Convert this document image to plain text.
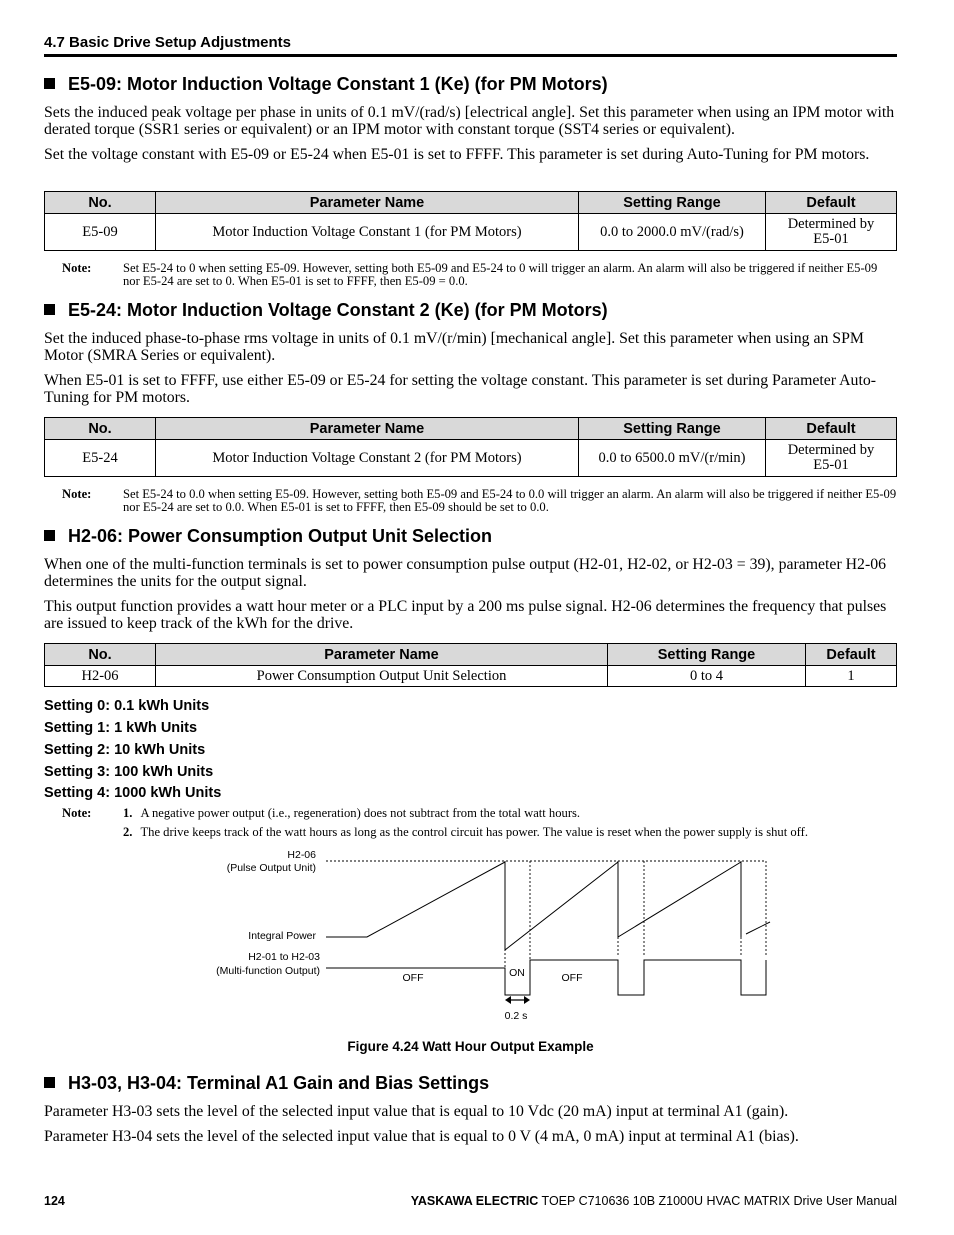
4.7 Basic Drive Setup Adjustments
E5-09: Motor Induction Voltage Constant 1 (Ke) (for PM Motors)
Sets the induced peak voltage per phase in units of 0.1 mV/(rad/s) [electrical angle]. Set this parameter when using an IPM motor with derated torque (SSR1 series or equivalent) or an IPM motor with constant torque (SST4 series or equivalent).
Set the voltage constant with E5-09 or E5-24 when E5-01 is set to FFFF. This parameter is set during Auto-Tuning for PM motors.
No.	Parameter Name	Setting Range	Default
E5-09	Motor Induction Voltage Constant 1 (for PM Motors)	0.0 to 2000.0 mV/(rad/s)	Determined by
E5-01
Note:	Set E5-24 to 0 when setting E5-09. However, setting both E5-09 and E5-24 to 0 will trigger an alarm. An alarm will also be triggered if neither E5-09 nor E5-24 are set to 0. When E5-01 is set to FFFF, then E5-09 = 0.0.
E5-24: Motor Induction Voltage Constant 2 (Ke) (for PM Motors)
Set the induced phase-to-phase rms voltage in units of 0.1 mV/(r/min) [mechanical angle]. Set this parameter when using an SPM Motor (SMRA Series or equivalent).
When E5-01 is set to FFFF, use either E5-09 or E5-24 for setting the voltage constant. This parameter is set during Parameter Auto-Tuning for PM motors.
No.	Parameter Name	Setting Range	Default
E5-24	Motor Induction Voltage Constant 2 (for PM Motors)	0.0 to 6500.0 mV/(r/min)	Determined by
E5-01
Note:	Set E5-24 to 0.0 when setting E5-09. However, setting both E5-09 and E5-24 to 0.0 will trigger an alarm. An alarm will also be triggered if neither E5-09 nor E5-24 are set to 0.0. When E5-01 is set to FFFF, then E5-09 should be set to 0.0.
H2-06: Power Consumption Output Unit Selection
When one of the multi-function terminals is set to power consumption pulse output (H2-01, H2-02, or H2-03 = 39), parameter H2-06 determines the units for the output signal.
This output function provides a watt hour meter or a PLC input by a 200 ms pulse signal. H2-06 determines the frequency that pulses are issued to keep track of the kWh for the drive.
No.	Parameter Name	Setting Range	Default
H2-06	Power Consumption Output Unit Selection	0 to 4	1
Setting 0: 0.1 kWh Units
Setting 1: 1 kWh Units
Setting 2: 10 kWh Units
Setting 3: 100 kWh Units
Setting 4: 1000 kWh Units
Note:	1. A negative power output (i.e., regeneration) does not subtract from the total watt hours.
2. The drive keeps track of the watt hours as long as the control circuit has power. The value is reset when the power supply is shut off.
H2-06
(Pulse Output Unit)
Integral Power
H2-01 to H2-03
(Multi-function Output)
OFF	ON	OFF
0.2 s
Figure 4.24 Watt Hour Output Example
H3-03, H3-04: Terminal A1 Gain and Bias Settings
Parameter H3-03 sets the level of the selected input value that is equal to 10 Vdc (20 mA) input at terminal A1 (gain).
Parameter H3-04 sets the level of the selected input value that is equal to 0 V (4 mA, 0 mA) input at terminal A1 (bias).
124	YASKAWA ELECTRIC TOEP C710636 10B Z1000U HVAC MATRIX Drive User Manual
